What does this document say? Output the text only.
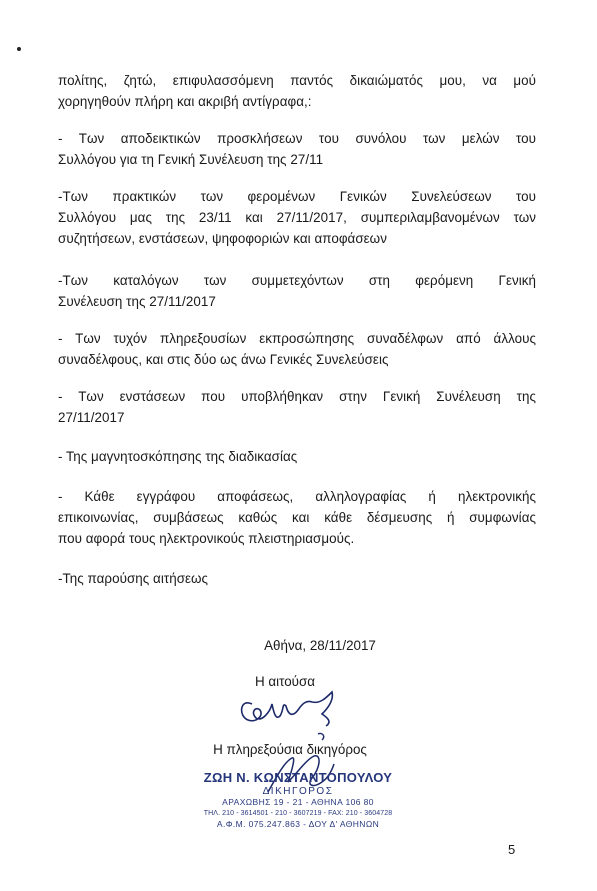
πολίτης, ζητώ, επιφυλασσόμενη παντός δικαιώματός μου, να μού
χορηγηθούν πλήρη και ακριβή αντίγραφα,:
- Των αποδεικτικών προσκλήσεων του συνόλου των μελών του
Συλλόγου για τη Γενική Συνέλευση της 27/11
-Των πρακτικών των φερομένων Γενικών Συνελεύσεων του
Συλλόγου μας της 23/11 και 27/11/2017, συμπεριλαμβανομένων των
συζητήσεων, ενστάσεων, ψηφοφοριών και αποφάσεων
-Των καταλόγων των συμμετεχόντων στη φερόμενη Γενική
Συνέλευση της 27/11/2017
- Των τυχόν πληρεξουσίων εκπροσώπησης συναδέλφων από άλλους
συναδέλφους, και στις δύο ως άνω Γενικές Συνελεύσεις
- Των ενστάσεων που υποβλήθηκαν στην Γενική Συνέλευση της
27/11/2017
- Της μαγνητοσκόπησης της διαδικασίας
- Κάθε εγγράφου αποφάσεως, αλληλογραφίας ή ηλεκτρονικής
επικοινωνίας, συμβάσεως καθώς και κάθε δέσμευσης ή συμφωνίας
που αφορά τους ηλεκτρονικούς πλειστηριασμούς.
-Της παρούσης αιτήσεως
Αθήνα, 28/11/2017
Η αιτούσα
Η πληρεξούσια δικηγόρος
ΖΩΗ Ν. ΚΩΝΣΤΑΝΤΟΠΟΥΛΟΥ
ΔΙΚΗΓΟΡΟΣ
ΑΡΑΧΩΒΗΣ 19 - 21 - ΑΘΗΝΑ 106 80
ΤΗΛ. 210 - 3614501 - 210 - 3607219 - FAX: 210 - 3604728
Α.Φ.Μ. 075.247.863 - ΔΟΥ Δ' ΑΘΗΝΩΝ
5
